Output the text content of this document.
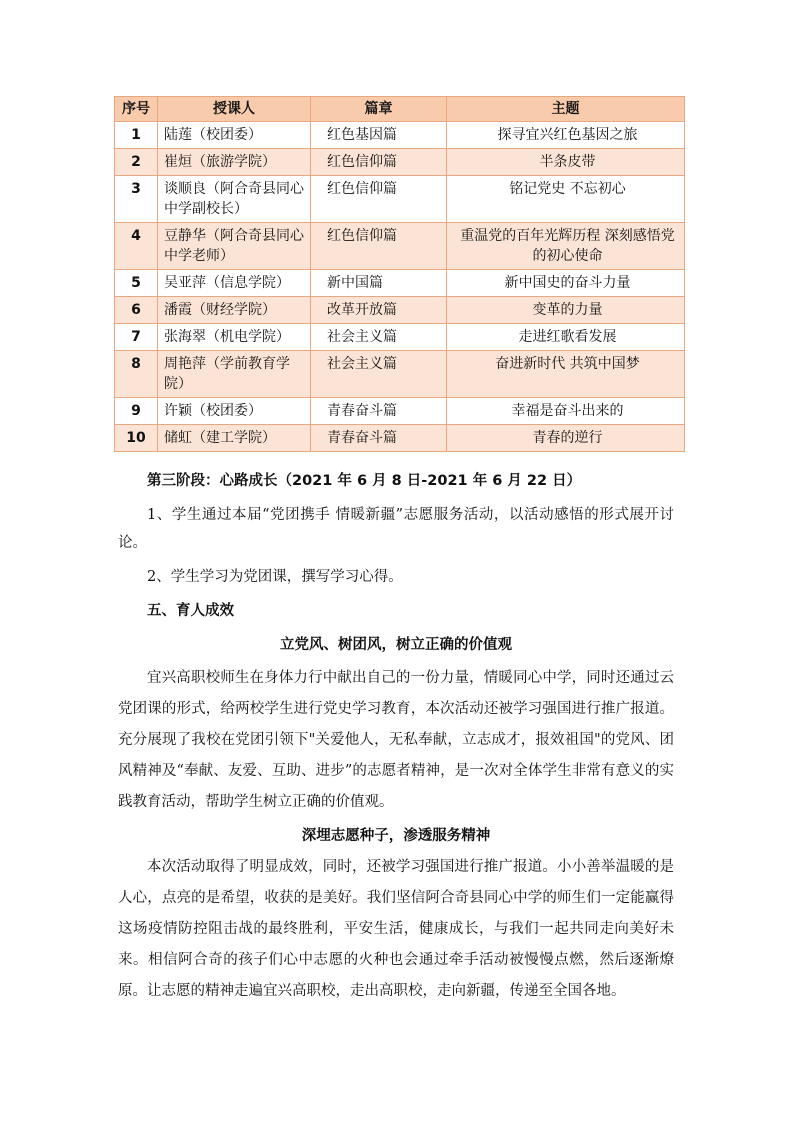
序号	授课人	篇章	主题
1	陆莲（校团委）	红色基因篇	探寻宜兴红色基因之旅
2	崔烜（旅游学院）	红色信仰篇	半条皮带
3	谈顺良（阿合奇县同心中学副校长）	红色信仰篇	铭记党史 不忘初心
4	豆静华（阿合奇县同心中学老师）	红色信仰篇	重温党的百年光辉历程 深刻感悟党的初心使命
5	吴亚萍（信息学院）	新中国篇	新中国史的奋斗力量
6	潘霞（财经学院）	改革开放篇	变革的力量
7	张海翠（机电学院）	社会主义篇	走进红歌看发展
8	周艳萍（学前教育学院）	社会主义篇	奋进新时代 共筑中国梦
9	许颖（校团委）	青春奋斗篇	幸福是奋斗出来的
10	储虹（建工学院）	青春奋斗篇	青春的逆行

第三阶段：心路成长（2021 年 6 月 8 日-2021 年 6 月 22 日）

1、学生通过本届“党团携手 情暖新疆”志愿服务活动，以活动感悟的形式展开讨论。

2、学生学习为党团课，撰写学习心得。

五、育人成效

立党风、树团风，树立正确的价值观

宜兴高职校师生在身体力行中献出自己的一份力量，情暖同心中学，同时还通过云党团课的形式，给两校学生进行党史学习教育，本次活动还被学习强国进行推广报道。充分展现了我校在党团引领下"关爱他人，无私奉献，立志成才，报效祖国"的党风、团风精神及“奉献、友爱、互助、进步”的志愿者精神，是一次对全体学生非常有意义的实践教育活动，帮助学生树立正确的价值观。

深埋志愿种子，渗透服务精神

本次活动取得了明显成效，同时，还被学习强国进行推广报道。小小善举温暖的是人心，点亮的是希望，收获的是美好。我们坚信阿合奇县同心中学的师生们一定能赢得这场疫情防控阻击战的最终胜利，平安生活，健康成长，与我们一起共同走向美好未来。相信阿合奇的孩子们心中志愿的火种也会通过牵手活动被慢慢点燃，然后逐渐燎原。让志愿的精神走遍宜兴高职校，走出高职校，走向新疆，传递至全国各地。
